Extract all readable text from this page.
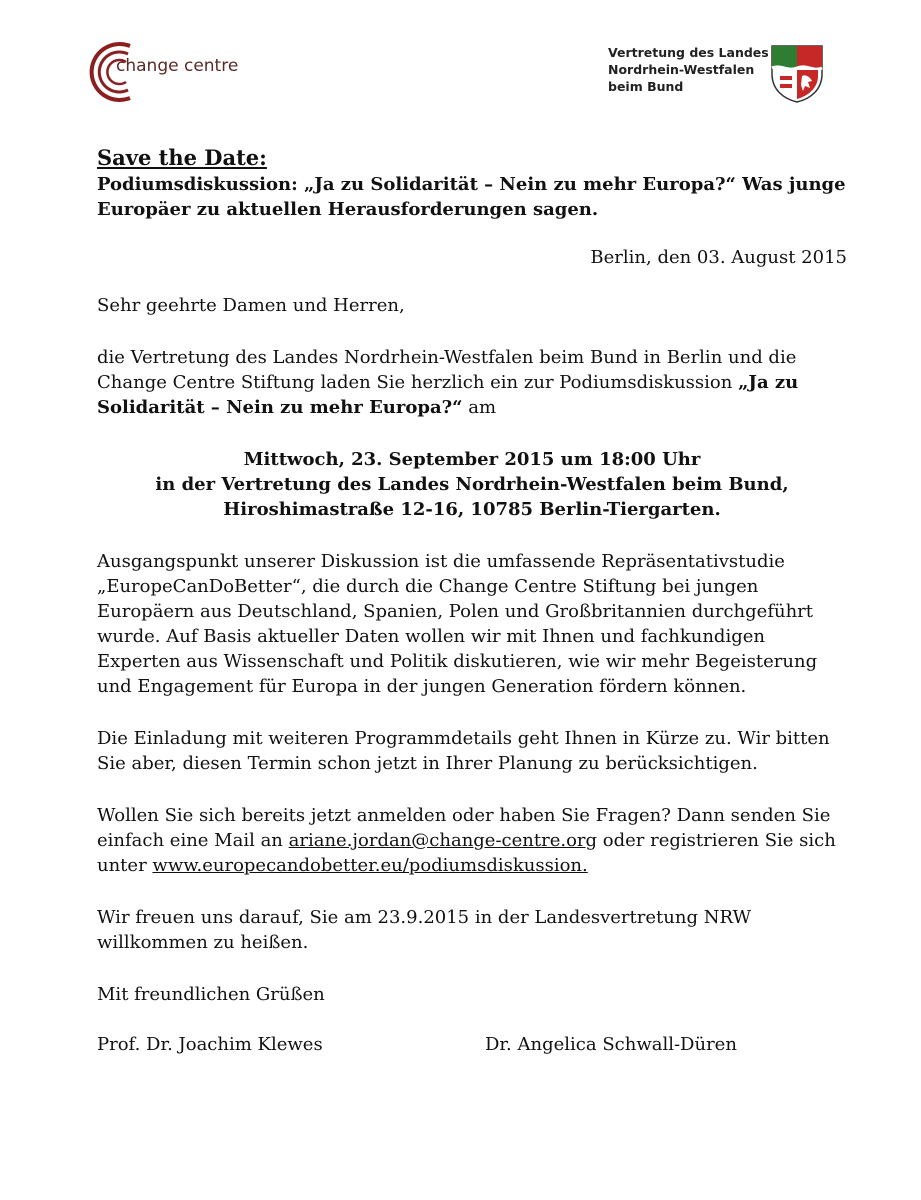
change centre
Vertretung des Landes
Nordrhein-Westfalen
beim Bund
Save the Date:
Podiumsdiskussion: „Ja zu Solidarität – Nein zu mehr Europa?“ Was junge
Europäer zu aktuellen Herausforderungen sagen.
Berlin, den 03. August 2015

Sehr geehrte Damen und Herren,

die Vertretung des Landes Nordrhein-Westfalen beim Bund in Berlin und die
Change Centre Stiftung laden Sie herzlich ein zur Podiumsdiskussion „Ja zu
Solidarität – Nein zu mehr Europa?“ am
Mittwoch, 23. September 2015 um 18:00 Uhr
in der Vertretung des Landes Nordrhein-Westfalen beim Bund,
Hiroshimastraße 12-16, 10785 Berlin-Tiergarten.
Ausgangspunkt unserer Diskussion ist die umfassende Repräsentativstudie
„EuropeCanDoBetter“, die durch die Change Centre Stiftung bei jungen
Europäern aus Deutschland, Spanien, Polen und Großbritannien durchgeführt
wurde. Auf Basis aktueller Daten wollen wir mit Ihnen und fachkundigen
Experten aus Wissenschaft und Politik diskutieren, wie wir mehr Begeisterung
und Engagement für Europa in der jungen Generation fördern können.
Die Einladung mit weiteren Programmdetails geht Ihnen in Kürze zu. Wir bitten
Sie aber, diesen Termin schon jetzt in Ihrer Planung zu berücksichtigen.
Wollen Sie sich bereits jetzt anmelden oder haben Sie Fragen? Dann senden Sie
einfach eine Mail an ariane.jordan@change-centre.org oder registrieren Sie sich
unter www.europecandobetter.eu/podiumsdiskussion.
Wir freuen uns darauf, Sie am 23.9.2015 in der Landesvertretung NRW
willkommen zu heißen.

Mit freundlichen Grüßen

Prof. Dr. Joachim Klewes	Dr. Angelica Schwall-Düren
